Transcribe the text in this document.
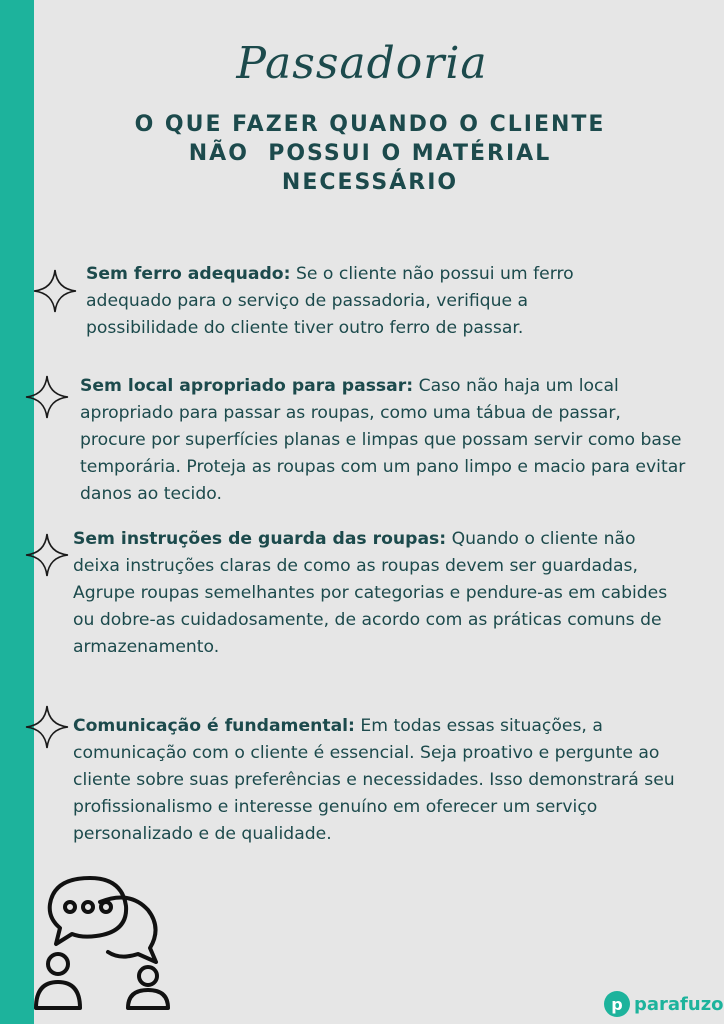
Passadoria
O QUE FAZER QUANDO O CLIENTE
NÃO  POSSUI O MATÉRIAL
NECESSÁRIO
Sem ferro adequado: Se o cliente não possui um ferro adequado para o serviço de passadoria, verifique a possibilidade do cliente tiver outro ferro de passar.
Sem local apropriado para passar: Caso não haja um local apropriado para passar as roupas, como uma tábua de passar, procure por superfícies planas e limpas que possam servir como base temporária. Proteja as roupas com um pano limpo e macio para evitar danos ao tecido.
Sem instruções de guarda das roupas: Quando o cliente não deixa instruções claras de como as roupas devem ser guardadas, Agrupe roupas semelhantes por categorias e pendure-as em cabides ou dobre-as cuidadosamente, de acordo com as práticas comuns de armazenamento.
Comunicação é fundamental: Em todas essas situações, a comunicação com o cliente é essencial. Seja proativo e pergunte ao cliente sobre suas preferências e necessidades. Isso demonstrará seu profissionalismo e interesse genuíno em oferecer um serviço personalizado e de qualidade.
p parafuzo
